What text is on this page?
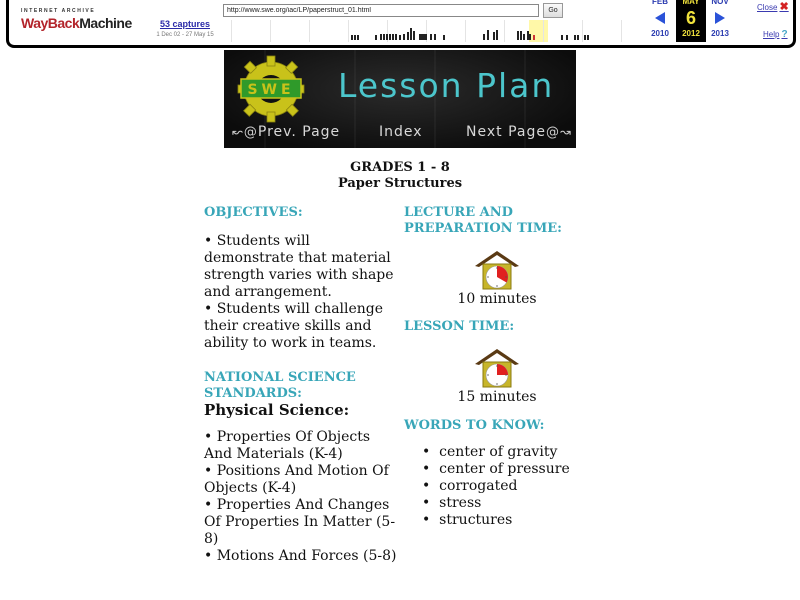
INTERNET ARCHIVE
WayBackMachine	53 captures
1 Dec 02 - 27 May 15
http://www.swe.org/iac/LP/paperstruct_01.html
Go
FEB
2010
MAY
6
2012
NOV
2013
Close ✖
Help ?
SWE Lesson Plan
↜@Prev. Page	Index	Next Page@↝
GRADES 1 - 8
Paper Structures
OBJECTIVES:
• Students will demonstrate that material strength varies with shape and arrangement.
• Students will challenge their creative skills and ability to work in teams.
NATIONAL SCIENCE STANDARDS:
Physical Science:
• Properties Of Objects And Materials (K-4)
• Positions And Motion Of Objects (K-4)
• Properties And Changes Of Properties In Matter (5-8)
• Motions And Forces (5-8)
LECTURE AND PREPARATION TIME:
10 minutes
LESSON TIME:
15 minutes
WORDS TO KNOW:
•  center of gravity
•  center of pressure
•  corrogated
•  stress
•  structures
